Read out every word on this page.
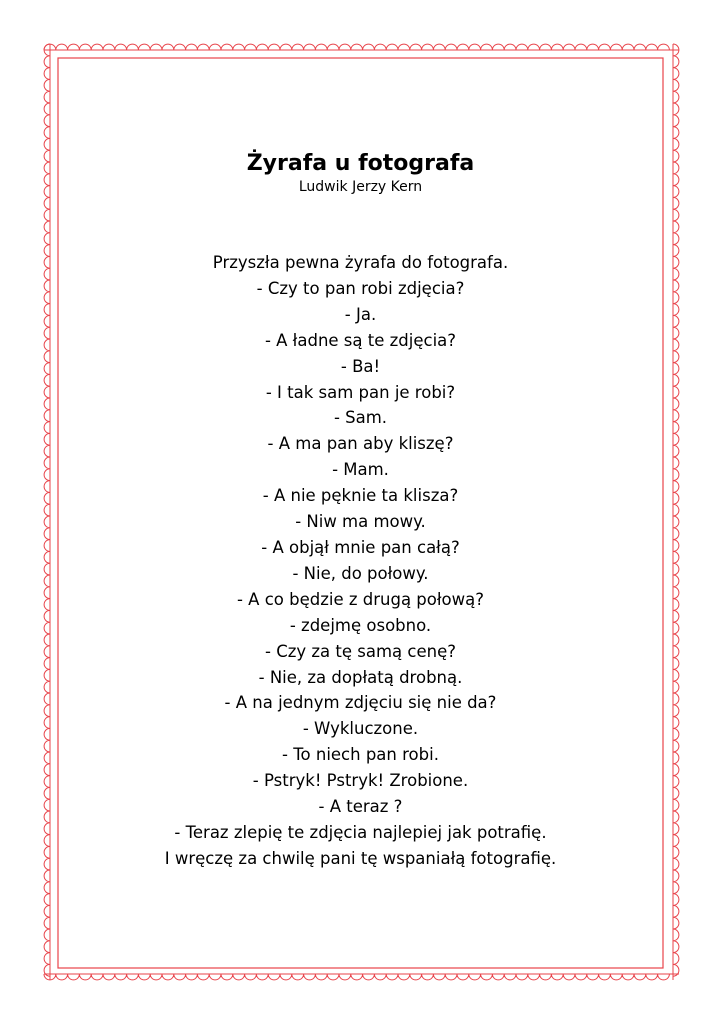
Żyrafa u fotografa

Ludwik Jerzy Kern

Przyszła pewna żyrafa do fotografa.
- Czy to pan robi zdjęcia?
- Ja.
- A ładne są te zdjęcia?
- Ba!
- I tak sam pan je robi?
- Sam.
- A ma pan aby kliszę?
- Mam.
- A nie pęknie ta klisza?
- Niw ma mowy.
- A objął mnie pan całą?
- Nie, do połowy.
- A co będzie z drugą połową?
- zdejmę osobno.
- Czy za tę samą cenę?
- Nie, za dopłatą drobną.
- A na jednym zdjęciu się nie da?
- Wykluczone.
- To niech pan robi.
- Pstryk! Pstryk! Zrobione.
- A teraz ?
- Teraz zlepię te zdjęcia najlepiej jak potrafię.
I wręczę za chwilę pani tę wspaniałą fotografię.
